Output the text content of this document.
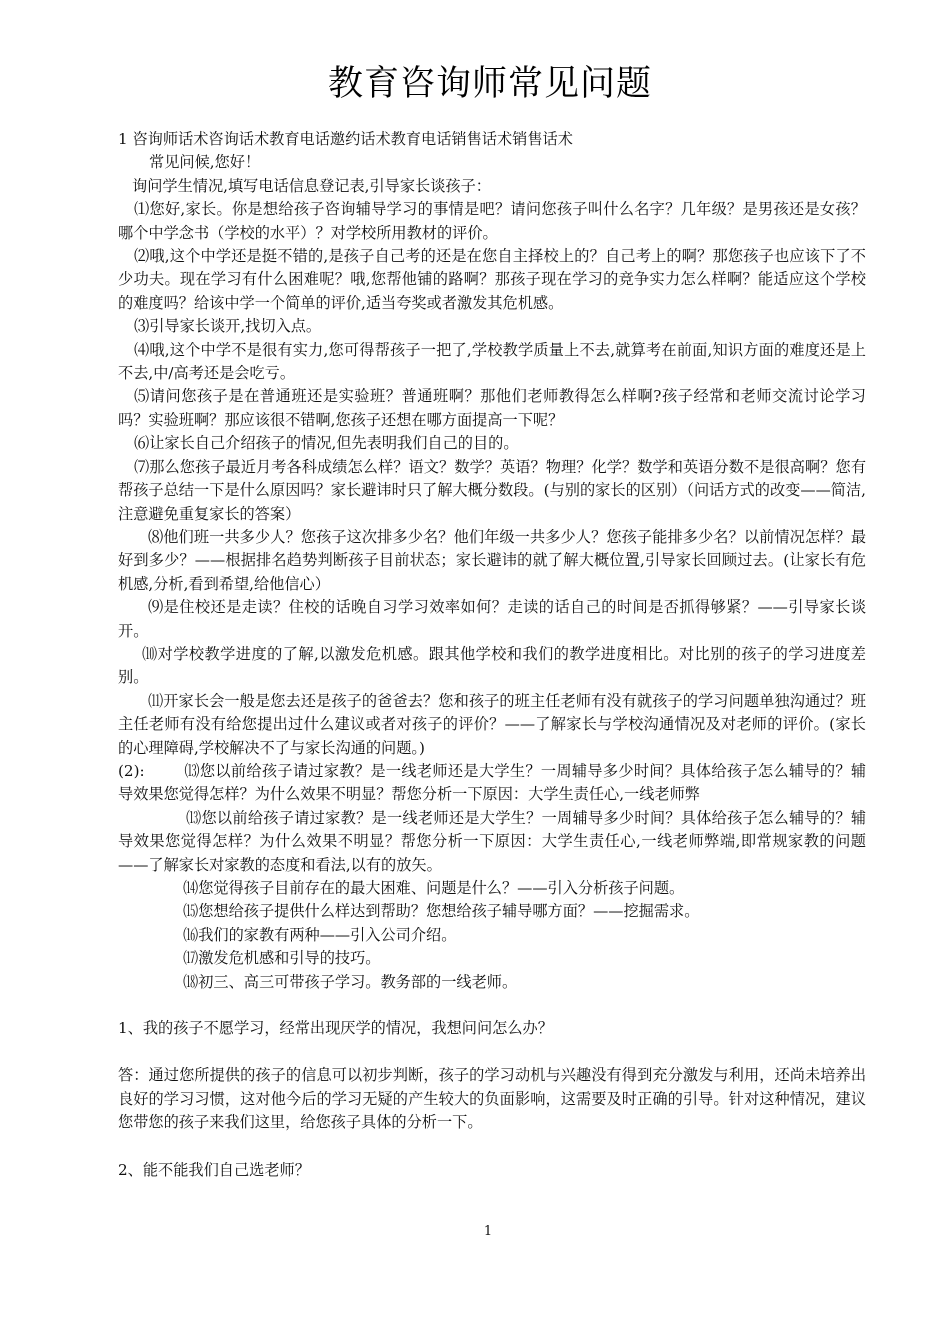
教育咨询师常见问题

1 咨询师话术咨询话术教育电话邀约话术教育电话销售话术销售话术

常见问候,您好！

询问学生情况,填写电话信息登记表,引导家长谈孩子：

⑴您好,家长。你是想给孩子咨询辅导学习的事情是吧？请问您孩子叫什么名字？几年级？是男孩还是女孩？哪个中学念书（学校的水平）？对学校所用教材的评价。

⑵哦,这个中学还是挺不错的,是孩子自己考的还是在您自主择校上的？自己考上的啊？那您孩子也应该下了不少功夫。现在学习有什么困难呢？哦,您帮他铺的路啊？那孩子现在学习的竞争实力怎么样啊？能适应这个学校的难度吗？给该中学一个简单的评价,适当夸奖或者激发其危机感。

⑶引导家长谈开,找切入点。

⑷哦,这个中学不是很有实力,您可得帮孩子一把了,学校教学质量上不去,就算考在前面,知识方面的难度还是上不去,中/高考还是会吃亏。

⑸请问您孩子是在普通班还是实验班？普通班啊？那他们老师教得怎么样啊?孩子经常和老师交流讨论学习吗？实验班啊？那应该很不错啊,您孩子还想在哪方面提高一下呢？

⑹让家长自己介绍孩子的情况,但先表明我们自己的目的。

⑺那么您孩子最近月考各科成绩怎么样？语文？数学？英语？物理？化学？数学和英语分数不是很高啊？您有帮孩子总结一下是什么原因吗？家长避讳时只了解大概分数段。(与别的家长的区别）（问话方式的改变——简洁,注意避免重复家长的答案）

⑻他们班一共多少人？您孩子这次排多少名？他们年级一共多少人？您孩子能排多少名？以前情况怎样？最好到多少？——根据排名趋势判断孩子目前状态；家长避讳的就了解大概位置,引导家长回顾过去。(让家长有危机感,分析,看到希望,给他信心）

⑼是住校还是走读？住校的话晚自习学习效率如何？走读的话自己的时间是否抓得够紧？——引导家长谈开。

⑽对学校教学进度的了解,以激发危机感。跟其他学校和我们的教学进度相比。对比别的孩子的学习进度差别。

⑾开家长会一般是您去还是孩子的爸爸去？您和孩子的班主任老师有没有就孩子的学习问题单独沟通过？班主任老师有没有给您提出过什么建议或者对孩子的评价？——了解家长与学校沟通情况及对老师的评价。(家长的心理障碍,学校解决不了与家长沟通的问题。)

(2):	⒀您以前给孩子请过家教？是一线老师还是大学生？一周辅导多少时间？具体给孩子怎么辅导的？辅导效果您觉得怎样？为什么效果不明显？帮您分析一下原因：大学生责任心,一线老师弊

⒀您以前给孩子请过家教？是一线老师还是大学生？一周辅导多少时间？具体给孩子怎么辅导的？辅导效果您觉得怎样？为什么效果不明显？帮您分析一下原因：大学生责任心,一线老师弊端,即常规家教的问题——了解家长对家教的态度和看法,以有的放矢。

⒁您觉得孩子目前存在的最大困难、问题是什么？——引入分析孩子问题。

⒂您想给孩子提供什么样达到帮助？您想给孩子辅导哪方面？——挖掘需求。

⒃我们的家教有两种——引入公司介绍。

⒄激发危机感和引导的技巧。

⒅初三、高三可带孩子学习。教务部的一线老师。

1、我的孩子不愿学习，经常出现厌学的情况，我想问问怎么办？

答：通过您所提供的孩子的信息可以初步判断，孩子的学习动机与兴趣没有得到充分激发与利用，还尚未培养出良好的学习习惯，这对他今后的学习无疑的产生较大的负面影响，这需要及时正确的引导。针对这种情况，建议您带您的孩子来我们这里，给您孩子具体的分析一下。

2、能不能我们自己选老师？

1
